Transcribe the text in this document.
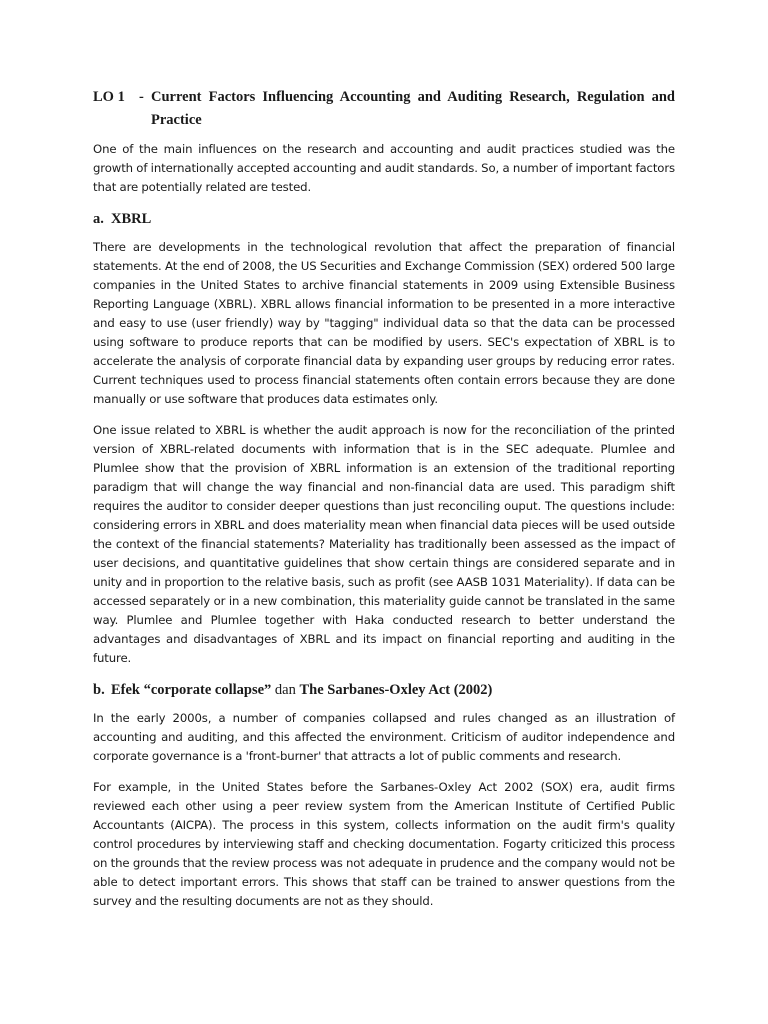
LO 1 - Current Factors Influencing Accounting and Auditing Research, Regulation and Practice

One of the main influences on the research and accounting and audit practices studied was the growth of internationally accepted accounting and audit standards. So, a number of important factors that are potentially related are tested.

a. XBRL

There are developments in the technological revolution that affect the preparation of financial statements. At the end of 2008, the US Securities and Exchange Commission (SEX) ordered 500 large companies in the United States to archive financial statements in 2009 using Extensible Business Reporting Language (XBRL). XBRL allows financial information to be presented in a more interactive and easy to use (user friendly) way by "tagging" individual data so that the data can be processed using software to produce reports that can be modified by users. SEC's expectation of XBRL is to accelerate the analysis of corporate financial data by expanding user groups by reducing error rates. Current techniques used to process financial statements often contain errors because they are done manually or use software that produces data estimates only.

One issue related to XBRL is whether the audit approach is now for the reconciliation of the printed version of XBRL-related documents with information that is in the SEC adequate. Plumlee and Plumlee show that the provision of XBRL information is an extension of the traditional reporting paradigm that will change the way financial and non-financial data are used. This paradigm shift requires the auditor to consider deeper questions than just reconciling ouput. The questions include: considering errors in XBRL and does materiality mean when financial data pieces will be used outside the context of the financial statements? Materiality has traditionally been assessed as the impact of user decisions, and quantitative guidelines that show certain things are considered separate and in unity and in proportion to the relative basis, such as profit (see AASB 1031 Materiality). If data can be accessed separately or in a new combination, this materiality guide cannot be translated in the same way. Plumlee and Plumlee together with Haka conducted research to better understand the advantages and disadvantages of XBRL and its impact on financial reporting and auditing in the future.

b. Efek “corporate collapse” dan The Sarbanes-Oxley Act (2002)

In the early 2000s, a number of companies collapsed and rules changed as an illustration of accounting and auditing, and this affected the environment. Criticism of auditor independence and corporate governance is a 'front-burner' that attracts a lot of public comments and research.

For example, in the United States before the Sarbanes-Oxley Act 2002 (SOX) era, audit firms reviewed each other using a peer review system from the American Institute of Certified Public Accountants (AICPA). The process in this system, collects information on the audit firm's quality control procedures by interviewing staff and checking documentation. Fogarty criticized this process on the grounds that the review process was not adequate in prudence and the company would not be able to detect important errors. This shows that staff can be trained to answer questions from the survey and the resulting documents are not as they should.
